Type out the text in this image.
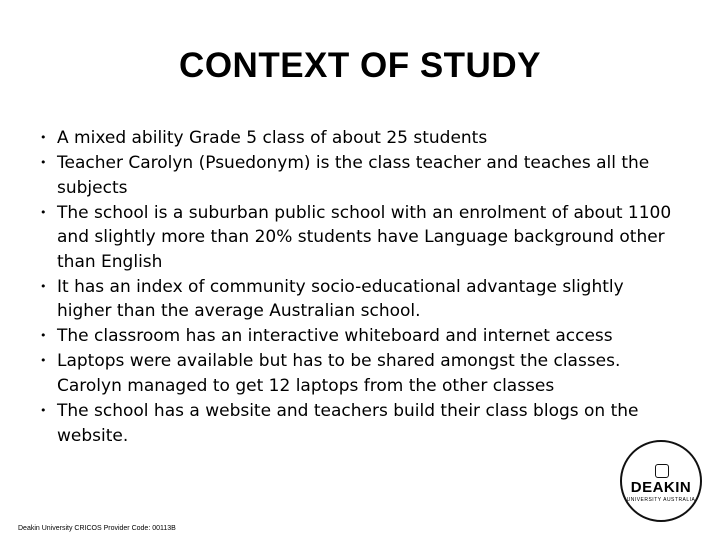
CONTEXT OF STUDY
• A mixed ability Grade 5 class of about 25 students
• Teacher Carolyn (Psuedonym) is the class teacher and teaches all the subjects
• The school is a suburban public school with an enrolment of about 1100 and slightly more than 20% students have Language background other than English
• It has an index of community socio-educational advantage slightly higher than the average Australian school.
• The classroom has an interactive whiteboard and internet access
• Laptops were available but has to be shared amongst the classes. Carolyn managed to get 12 laptops from the other classes
• The school has a website and teachers build their class blogs on the website.
DEAKIN
UNIVERSITY AUSTRALIA
Deakin University CRICOS Provider Code: 00113B
